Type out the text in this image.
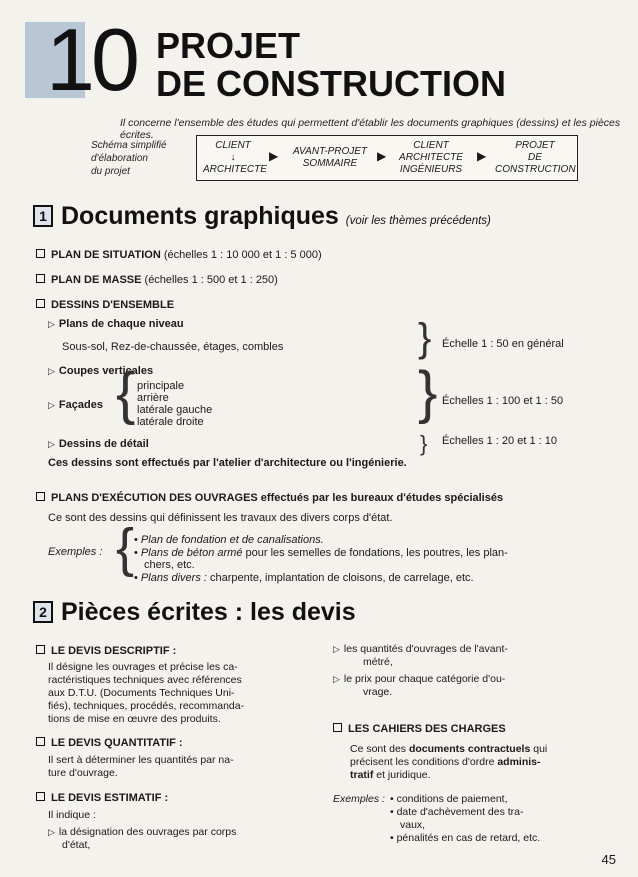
10 PROJET
DE CONSTRUCTION
Il concerne l'ensemble des études qui permettent d'établir les documents graphiques (dessins) et les pièces écrites.
Schéma simplifié
d'élaboration
du projet
CLIENT
↓
ARCHITECTE
▶	AVANT-PROJET
SOMMAIRE
▶
CLIENT
ARCHITECTE
INGÉNIEURS
▶
PROJET
DE
CONSTRUCTION
1 Documents graphiques (voir les thèmes précédents)
PLAN DE SITUATION (échelles 1 : 10 000 et 1 : 5 000)
PLAN DE MASSE (échelles 1 : 500 et 1 : 250)
DESSINS D'ENSEMBLE
▷ Plans de chaque niveau
Sous-sol, Rez-de-chaussée, étages, combles	} Échelle 1 : 50 en général
▷ Coupes verticales
▷ Façades { principale
arrière
latérale gauche
latérale droite	} Échelles 1 : 100 et 1 : 50
▷ Dessins de détail	} Échelles 1 : 20 et 1 : 10
Ces dessins sont effectués par l'atelier d'architecture ou l'ingénierie.
PLANS D'EXÉCUTION DES OUVRAGES effectués par les bureaux d'études spécialisés
Ce sont des dessins qui définissent les travaux des divers corps d'état.
Exemples : { • Plan de fondation et de canalisations.
• Plans de béton armé pour les semelles de fondations, les poutres, les plan-
chers, etc.
• Plans divers : charpente, implantation de cloisons, de carrelage, etc.
2 Pièces écrites : les devis
LE DEVIS DESCRIPTIF :
Il désigne les ouvrages et précise les ca-
ractéristiques techniques avec références
aux D.T.U. (Documents Techniques Uni-
fiés), techniques, procédés, recommanda-
tions de mise en œuvre des produits.
LE DEVIS QUANTITATIF :
Il sert à déterminer les quantités par na-
ture d'ouvrage.
LE DEVIS ESTIMATIF :
Il indique :
▷ la désignation des ouvrages par corps
d'état,
▷ les quantités d'ouvrages de l'avant-
métré,
▷ le prix pour chaque catégorie d'ou-
vrage.
LES CAHIERS DES CHARGES
Ce sont des documents contractuels qui
précisent les conditions d'ordre adminis-
tratif et juridique.
Exemples : • conditions de paiement,
• date d'achèvement des tra-
vaux,
• pénalités en cas de retard, etc.
45
